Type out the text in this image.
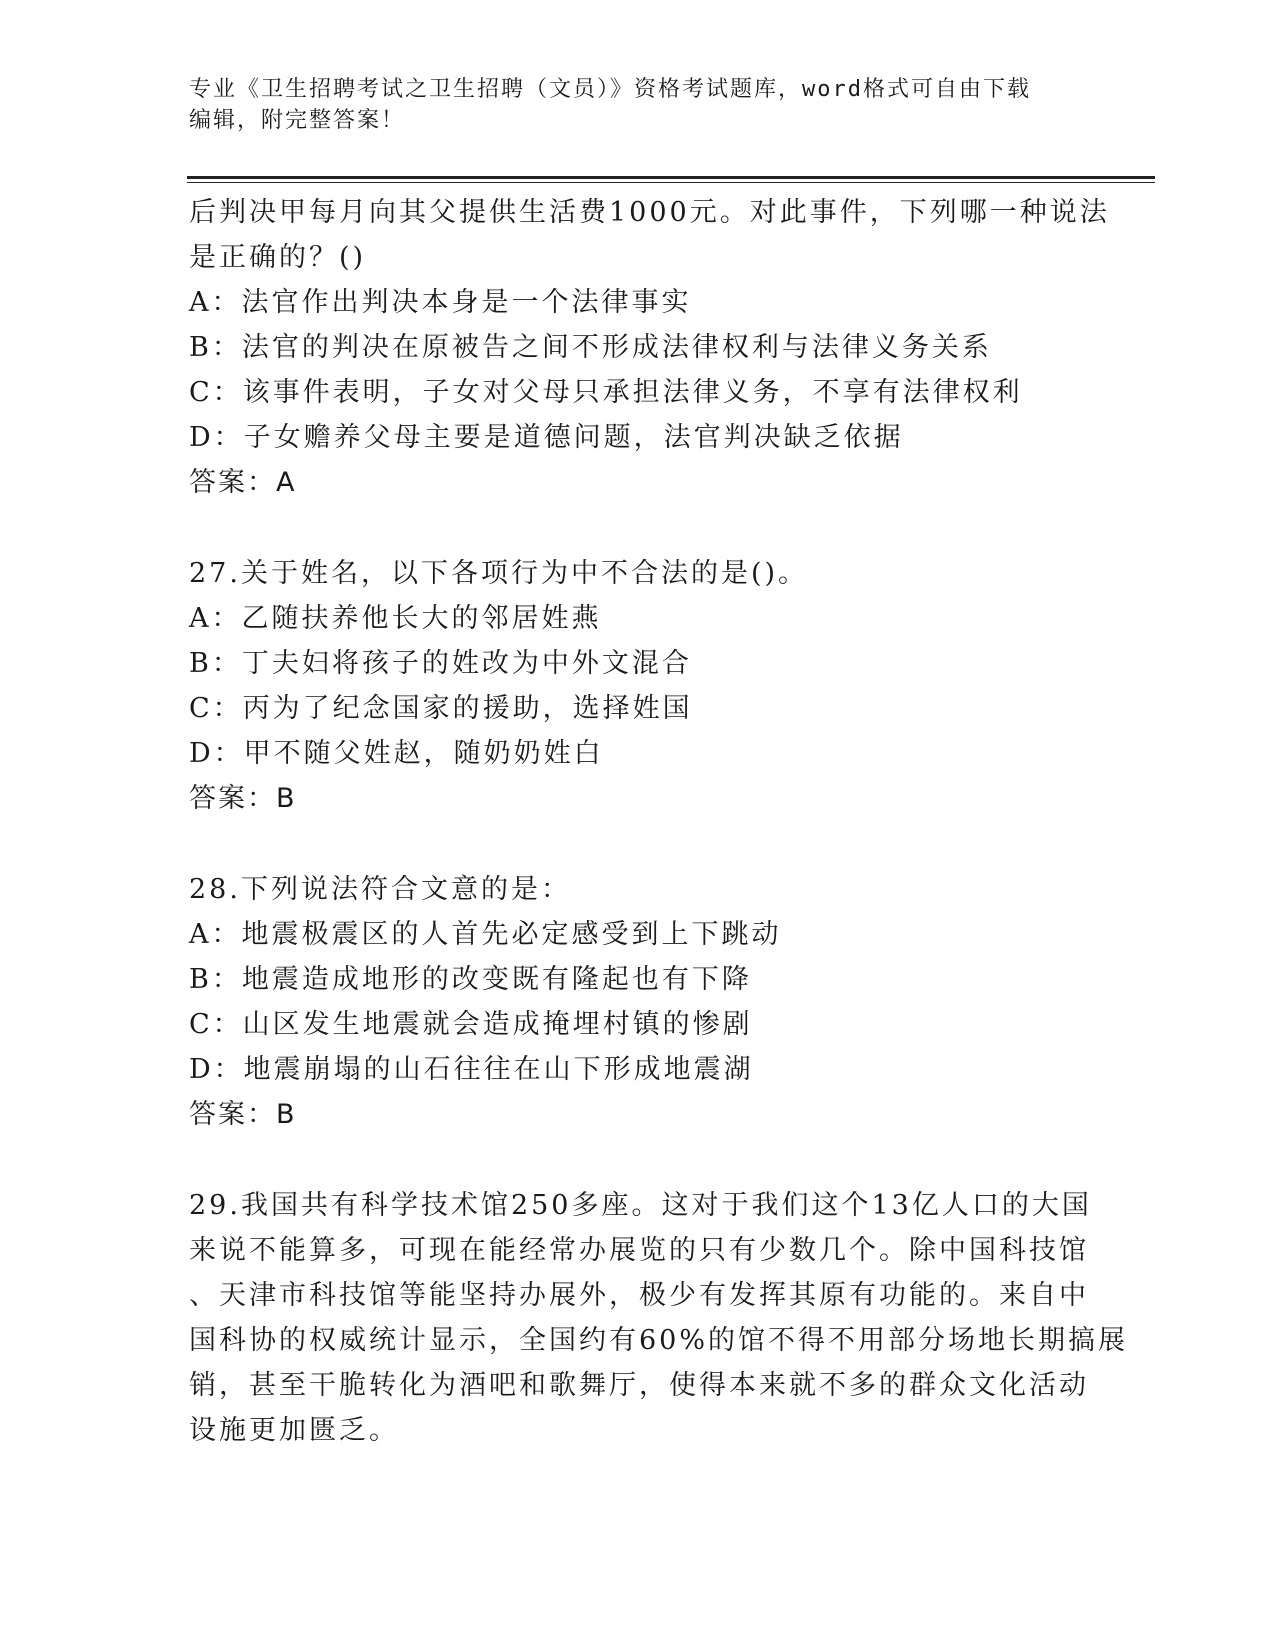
专业《卫生招聘考试之卫生招聘（文员）》资格考试题库，word格式可自由下载
编辑，附完整答案！
后判决甲每月向其父提供生活费1000元。对此事件，下列哪一种说法
是正确的？()
A：法官作出判决本身是一个法律事实
B：法官的判决在原被告之间不形成法律权利与法律义务关系
C：该事件表明，子女对父母只承担法律义务，不享有法律权利
D：子女赡养父母主要是道德问题，法官判决缺乏依据
答案：A
27.关于姓名，以下各项行为中不合法的是()。
A：乙随扶养他长大的邻居姓燕
B：丁夫妇将孩子的姓改为中外文混合
C：丙为了纪念国家的援助，选择姓国
D：甲不随父姓赵，随奶奶姓白
答案：B
28.下列说法符合文意的是：
A：地震极震区的人首先必定感受到上下跳动
B：地震造成地形的改变既有隆起也有下降
C：山区发生地震就会造成掩埋村镇的惨剧
D：地震崩塌的山石往往在山下形成地震湖
答案：B
29.我国共有科学技术馆250多座。这对于我们这个13亿人口的大国
来说不能算多，可现在能经常办展览的只有少数几个。除中国科技馆
、天津市科技馆等能坚持办展外，极少有发挥其原有功能的。来自中
国科协的权威统计显示，全国约有60%的馆不得不用部分场地长期搞展
销，甚至干脆转化为酒吧和歌舞厅，使得本来就不多的群众文化活动
设施更加匮乏。
